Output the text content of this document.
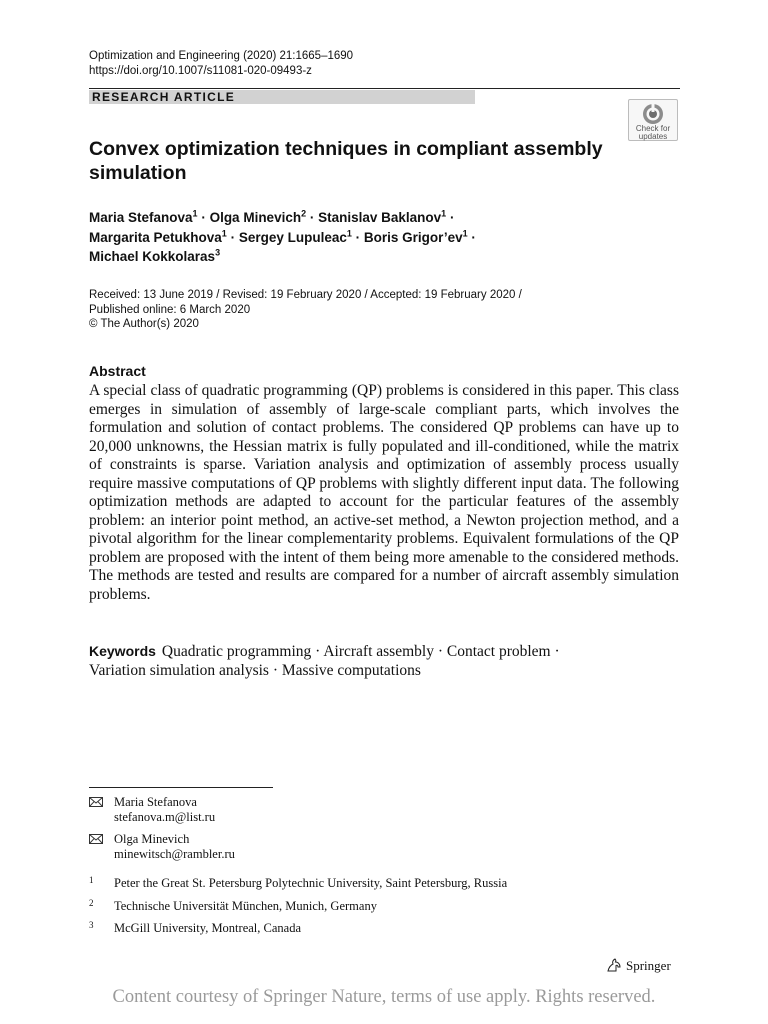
Optimization and Engineering (2020) 21:1665–1690
https://doi.org/10.1007/s11081-020-09493-z
RESEARCH ARTICLE
Check for updates
Convex optimization techniques in compliant assembly simulation
Maria Stefanova$^1$ · Olga Minevich$^2$ · Stanislav Baklanov$^1$ ·
Margarita Petukhova$^1$ · Sergey Lupuleac$^1$ · Boris $Grigor’ev^1$ ·
Michael Kokkolaras$^3$
Received: 13 June 2019 / Revised: 19 February 2020 / Accepted: 19 February 2020 /
Published online: 6 March 2020
© The Author(s) 2020
Abstract
A special class of quadratic programming (QP) problems is considered in this paper. This class emerges in simulation of assembly of large-scale compliant parts, which involves the formulation and solution of contact problems. The considered QP problems can have up to 20,000 unknowns, the Hessian matrix is fully populated and ill-conditioned, while the matrix of constraints is sparse. Variation analysis and optimization of assembly process usually require massive computations of QP problems with slightly different input data. The following optimization methods are adapted to account for the particular features of the assembly problem: an interior point method, an active-set method, a Newton projection method, and a pivotal algorithm for the linear complementarity problems. Equivalent formulations of the QP problem are proposed with the intent of them being more amenable to the considered methods. The methods are tested and results are compared for a number of aircraft assembly simulation problems.
Keywords Quadratic programming · Aircraft assembly · Contact problem ·
Variation simulation analysis · Massive computations
Maria Stefanova
stefanova.m@list.ru
Olga Minevich
minewitsch@rambler.ru
1 Peter the Great St. Petersburg Polytechnic University, Saint Petersburg, Russia
2 Technische Universität München, Munich, Germany
3 McGill University, Montreal, Canada
Springer
Content courtesy of Springer Nature, terms of use apply. Rights reserved.
